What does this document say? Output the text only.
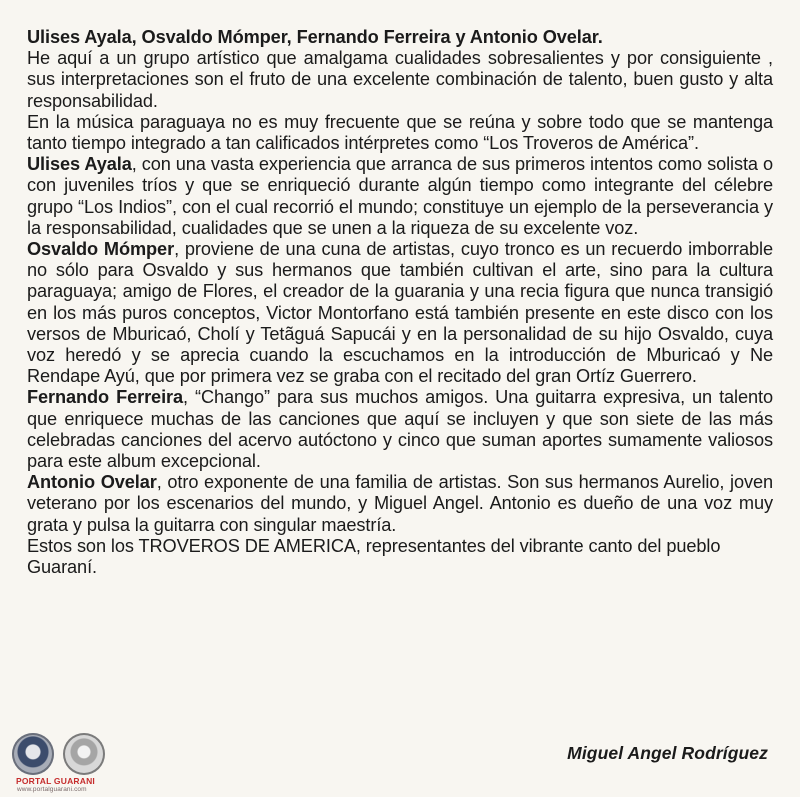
Ulises Ayala, Osvaldo Mómper, Fernando Ferreira y Antonio Ovelar.

He aquí a un grupo artístico que amalgama cualidades sobresalientes y por consiguiente , sus interpretaciones son el fruto de una excelente combinación de talento, buen gusto y alta responsabilidad.

En la música paraguaya no es muy frecuente que se reúna y sobre todo que se mantenga tanto tiempo integrado a tan calificados intérpretes como “Los Troveros de América”.

Ulises Ayala, con una vasta experiencia que arranca de sus primeros intentos como solista o con juveniles tríos y que se enriqueció durante algún tiempo como integrante del célebre grupo “Los Indios”, con el cual recorrió el mundo; constituye un ejemplo de la perseverancia y la responsabilidad, cualidades que se unen a la riqueza de su excelente voz.

Osvaldo Mómper, proviene de una cuna de artistas, cuyo tronco es un recuerdo imborrable no sólo para Osvaldo y sus hermanos que también cultivan el arte, sino para la cultura paraguaya; amigo de Flores, el creador de la guarania y una recia figura que nunca transigió en los más puros conceptos, Victor Montorfano está también presente en este disco con los versos de Mburicaó, Cholí y Tetãguá Sapucái y en la personalidad de su hijo Osvaldo, cuya voz heredó y se aprecia cuando la escuchamos en la introducción de Mburicaó y Ne Rendape Ayú, que por primera vez se graba con el recitado del gran Ortíz Guerrero.

Fernando Ferreira, “Chango” para sus muchos amigos. Una guitarra expresiva, un talento que enriquece muchas de las canciones que aquí se incluyen y que son siete de las más celebradas canciones del acervo autóctono y cinco que suman aportes sumamente valiosos para este album excepcional.

Antonio Ovelar, otro exponente de una familia de artistas. Son sus hermanos Aurelio, joven veterano por los escenarios del mundo, y Miguel Angel. Antonio es dueño de una voz muy grata y pulsa la guitarra con singular maestría.

Estos son los TROVEROS DE AMERICA, representantes del vibrante canto del pueblo Guaraní.

Miguel Angel Rodríguez
PORTAL GUARANI
www.portalguarani.com
